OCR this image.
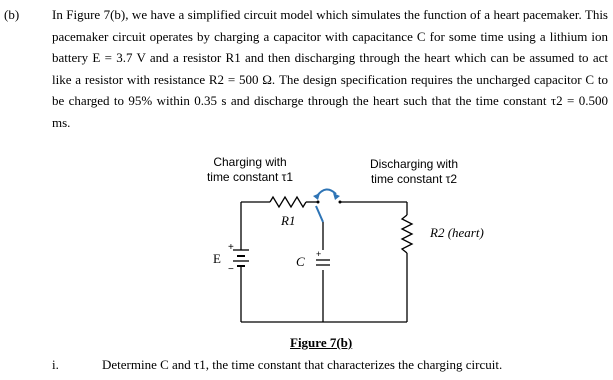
(b)	In Figure 7(b), we have a simplified circuit model which simulates the function of a heart pacemaker. This pacemaker circuit operates by charging a capacitor with capacitance C for some time using a lithium ion battery E = 3.7 V and a resistor R1 and then discharging through the heart which can be assumed to act like a resistor with resistance R2 = 500 Ω. The design specification requires the uncharged capacitor C to be charged to 95% within 0.35 s and discharge through the heart such that the time constant τ2 = 0.500 ms.

Charging with
time constant τ1
Discharging with
time constant τ2
R1
R2 (heart)
E	C
+
−
+
Figure 7(b)
i.	Determine C and τ1, the time constant that characterizes the charging circuit.
